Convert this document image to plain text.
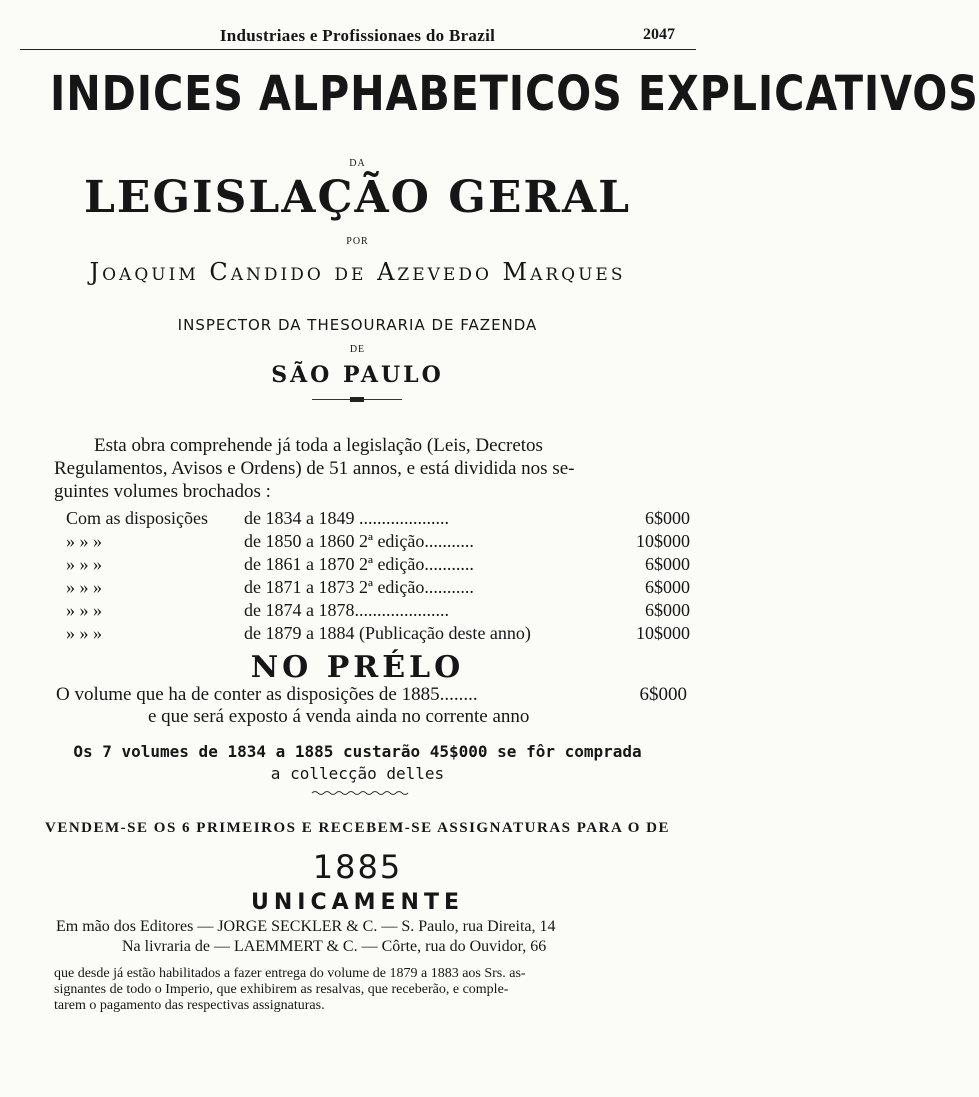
Industriaes e Profissionaes do Brazil	2047
INDICES ALPHABETICOS EXPLICATIVOS
DA
LEGISLAÇÃO GERAL
POR
Joaquim Candido de Azevedo Marques
INSPECTOR DA THESOURARIA DE FAZENDA
DE
SÃO PAULO
Esta obra comprehende já toda a legislação (Leis, Decretos
Regulamentos, Avisos e Ordens) de 51 annos, e está dividida nos se-
guintes volumes brochados :
Com as disposições de 1834 a 1849 ....................	6$000
» » »	de 1850 a 1860 2ª edição...........	10$000
» » »	de 1861 a 1870 2ª edição...........	6$000
» » »	de 1871 a 1873 2ª edição...........	6$000
» » »	de 1874 a 1878.....................	6$000
» » »	de 1879 a 1884 (Publicação deste anno)	10$000
NO PRÉLO
O volume que ha de conter as disposições de 1885........	6$000
e que será exposto á venda ainda no corrente anno
Os 7 volumes de 1834 a 1885 custarão 45$000 se fôr comprada
a collecção delles
VENDEM-SE OS 6 PRIMEIROS E RECEBEM-SE ASSIGNATURAS PARA O DE
1885
UNICAMENTE
Em mão dos Editores — JORGE SECKLER & C. — S. Paulo, rua Direita, 14
Na livraria de — LAEMMERT & C. — Côrte, rua do Ouvidor, 66
que desde já estão habilitados a fazer entrega do volume de 1879 a 1883 aos Srs. as-
signantes de todo o Imperio, que exhibirem as resalvas, que receberão, e comple-
tarem o pagamento das respectivas assignaturas.
